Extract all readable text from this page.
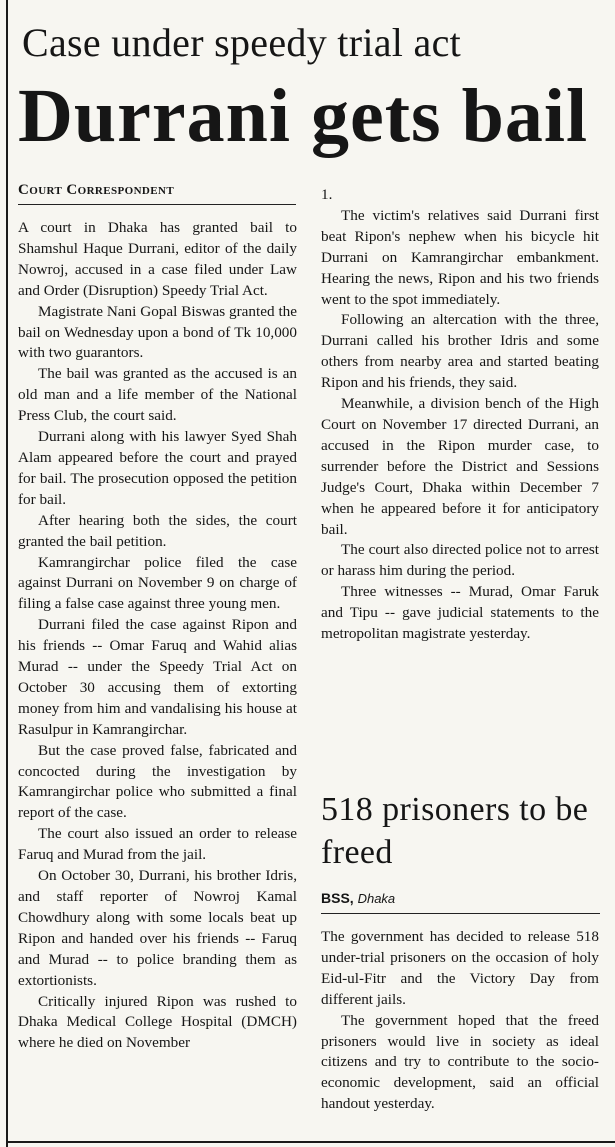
Case under speedy trial act
Durrani gets bail
Court Correspondent

A court in Dhaka has granted bail to Shamshul Haque Durrani, editor of the daily Nowroj, accused in a case filed under Law and Order (Disruption) Speedy Trial Act.

Magistrate Nani Gopal Biswas granted the bail on Wednesday upon a bond of Tk 10,000 with two guarantors.

The bail was granted as the accused is an old man and a life member of the National Press Club, the court said.

Durrani along with his lawyer Syed Shah Alam appeared before the court and prayed for bail. The prosecution opposed the petition for bail.

After hearing both the sides, the court granted the bail petition.

Kamrangirchar police filed the case against Durrani on November 9 on charge of filing a false case against three young men.

Durrani filed the case against Ripon and his friends -- Omar Faruq and Wahid alias Murad -- under the Speedy Trial Act on October 30 accusing them of extorting money from him and vandalising his house at Rasulpur in Kamrangirchar.

But the case proved false, fabricated and concocted during the investigation by Kamrangirchar police who submitted a final report of the case.

The court also issued an order to release Faruq and Murad from the jail.

On October 30, Durrani, his brother Idris, and staff reporter of Nowroj Kamal Chowdhury along with some locals beat up Ripon and handed over his friends -- Faruq and Murad -- to police branding them as extortionists.

Critically injured Ripon was rushed to Dhaka Medical College Hospital (DMCH) where he died on November

1.

The victim's relatives said Durrani first beat Ripon's nephew when his bicycle hit Durrani on Kamrangirchar embankment. Hearing the news, Ripon and his two friends went to the spot immediately.

Following an altercation with the three, Durrani called his brother Idris and some others from nearby area and started beating Ripon and his friends, they said.

Meanwhile, a division bench of the High Court on November 17 directed Durrani, an accused in the Ripon murder case, to surrender before the District and Sessions Judge's Court, Dhaka within December 7 when he appeared before it for anticipatory bail.

The court also directed police not to arrest or harass him during the period.

Three witnesses -- Murad, Omar Faruk and Tipu -- gave judicial statements to the metropolitan magistrate yesterday.

518 prisoners to be freed
BSS, Dhaka

The government has decided to release 518 under-trial prisoners on the occasion of holy Eid-ul-Fitr and the Victory Day from different jails.

The government hoped that the freed prisoners would live in society as ideal citizens and try to contribute to the socio-economic development, said an official handout yesterday.
